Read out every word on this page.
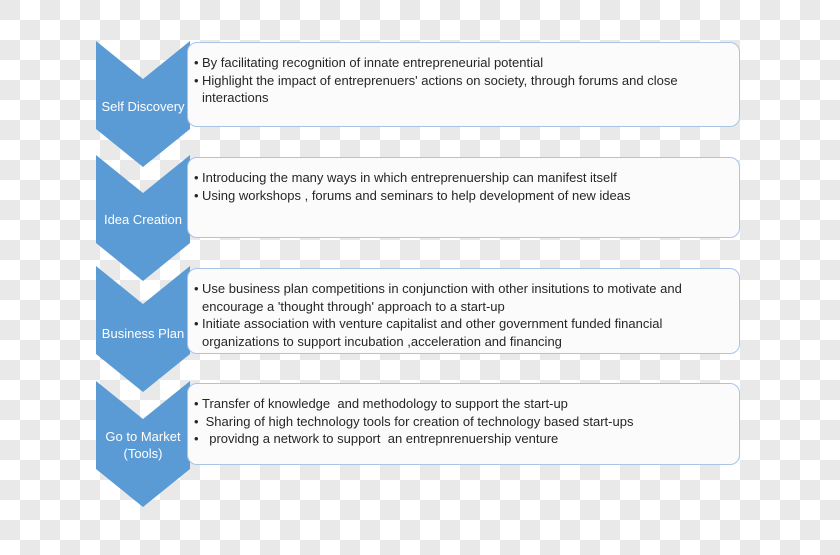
Self Discovery
• By facilitating recognition of innate entrepreneurial potential
• Highlight the impact of entreprenuers' actions on society, through forums and close interactions
Idea Creation
• Introducing the many ways in which entreprenuership can manifest itself
• Using workshops , forums and seminars to help development of new ideas
Business Plan
• Use business plan competitions in conjunction with other insitutions to motivate and encourage a 'thought through' approach to a start-up
• Initiate association with venture capitalist and other government funded financial organizations to support incubation ,acceleration and financing
Go to Market (Tools)
• Transfer of knowledge  and methodology to support the start-up
•  Sharing of high technology tools for creation of technology based start-ups
•   providng a network to support  an entrepnrenuership venture
